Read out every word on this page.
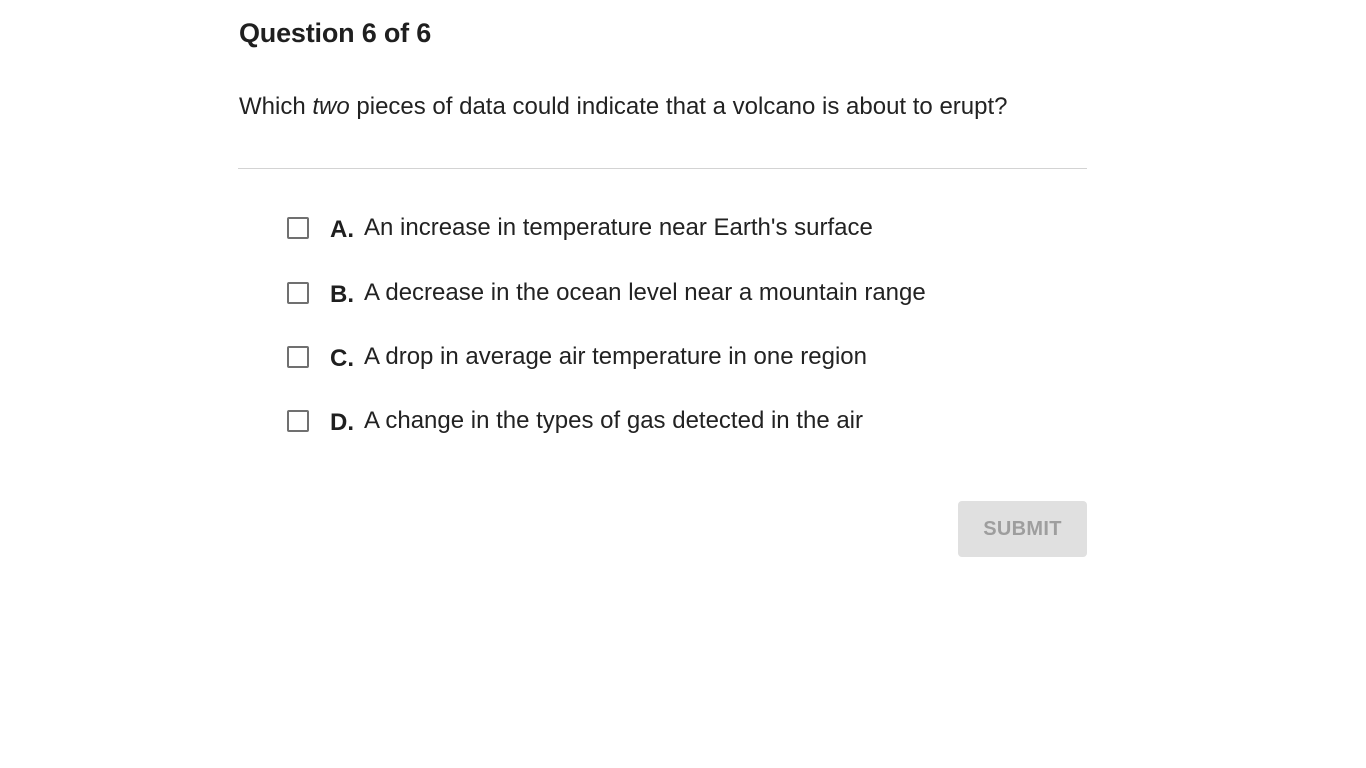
Question 6 of 6

Which two pieces of data could indicate that a volcano is about to erupt?

A. An increase in temperature near Earth's surface
B. A decrease in the ocean level near a mountain range
C. A drop in average air temperature in one region
D. A change in the types of gas detected in the air
SUBMIT
